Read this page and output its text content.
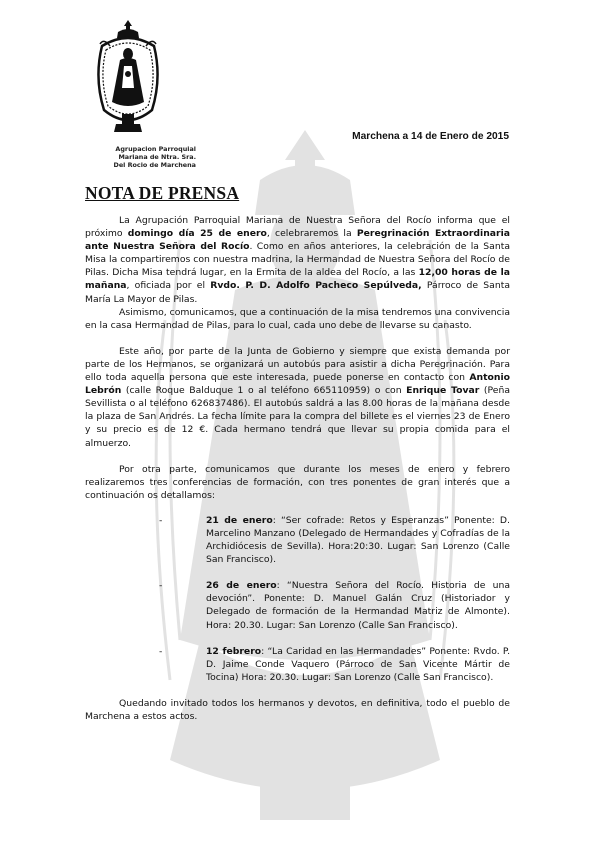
Agrupacion Parroquial
Mariana de Ntra. Sra.
Del Rocio de Marchena
Marchena a 14 de Enero de 2015
NOTA DE PRENSA

La Agrupación Parroquial Mariana de Nuestra Señora del Rocío informa que el próximo domingo día 25 de enero, celebraremos la Peregrinación Extraordinaria ante Nuestra Señora del Rocío. Como en años anteriores, la celebración de la Santa Misa la compartiremos con nuestra madrina, la Hermandad de Nuestra Señora del Rocío de Pilas. Dicha Misa tendrá lugar, en la Ermita de la aldea del Rocío, a las 12,00 horas de la mañana, oficiada por el Rvdo. P. D. Adolfo Pacheco Sepúlveda, Párroco de Santa María La Mayor de Pilas.

Asimismo, comunicamos, que a continuación de la misa tendremos una convivencia en la casa Hermandad de Pilas, para lo cual, cada uno debe de llevarse su canasto.

Este año, por parte de la Junta de Gobierno y siempre que exista demanda por parte de los Hermanos, se organizará un autobús para asistir a dicha Peregrinación. Para ello toda aquella persona que este interesada, puede ponerse en contacto con Antonio Lebrón (calle Roque Balduque 1 o al teléfono 665110959) o con Enrique Tovar (Peña Sevillista o al teléfono 626837486). El autobús saldrá a las 8.00 horas de la mañana desde la plaza de San Andrés. La fecha límite para la compra del billete es el viernes 23 de Enero y su precio es de 12 €. Cada hermano tendrá que llevar su propia comida para el almuerzo.

Por otra parte, comunicamos que durante los meses de enero y febrero realizaremos tres conferencias de formación, con tres ponentes de gran interés que a continuación os detallamos:

-	21 de enero: “Ser cofrade: Retos y Esperanzas” Ponente: D. Marcelino Manzano (Delegado de Hermandades y Cofradías de la Archidiócesis de Sevilla). Hora:20:30. Lugar: San Lorenzo (Calle San Francisco).

-	26 de enero: “Nuestra Señora del Rocío. Historia de una devoción”. Ponente: D. Manuel Galán Cruz (Historiador y Delegado de formación de la Hermandad Matriz de Almonte). Hora: 20.30. Lugar: San Lorenzo (Calle San Francisco).

-	12 febrero: “La Caridad en las Hermandades” Ponente: Rvdo. P. D. Jaime Conde Vaquero (Párroco de San Vicente Mártir de Tocina) Hora: 20.30. Lugar: San Lorenzo (Calle San Francisco).

Quedando invitado todos los hermanos y devotos, en definitiva, todo el pueblo de Marchena a estos actos.
